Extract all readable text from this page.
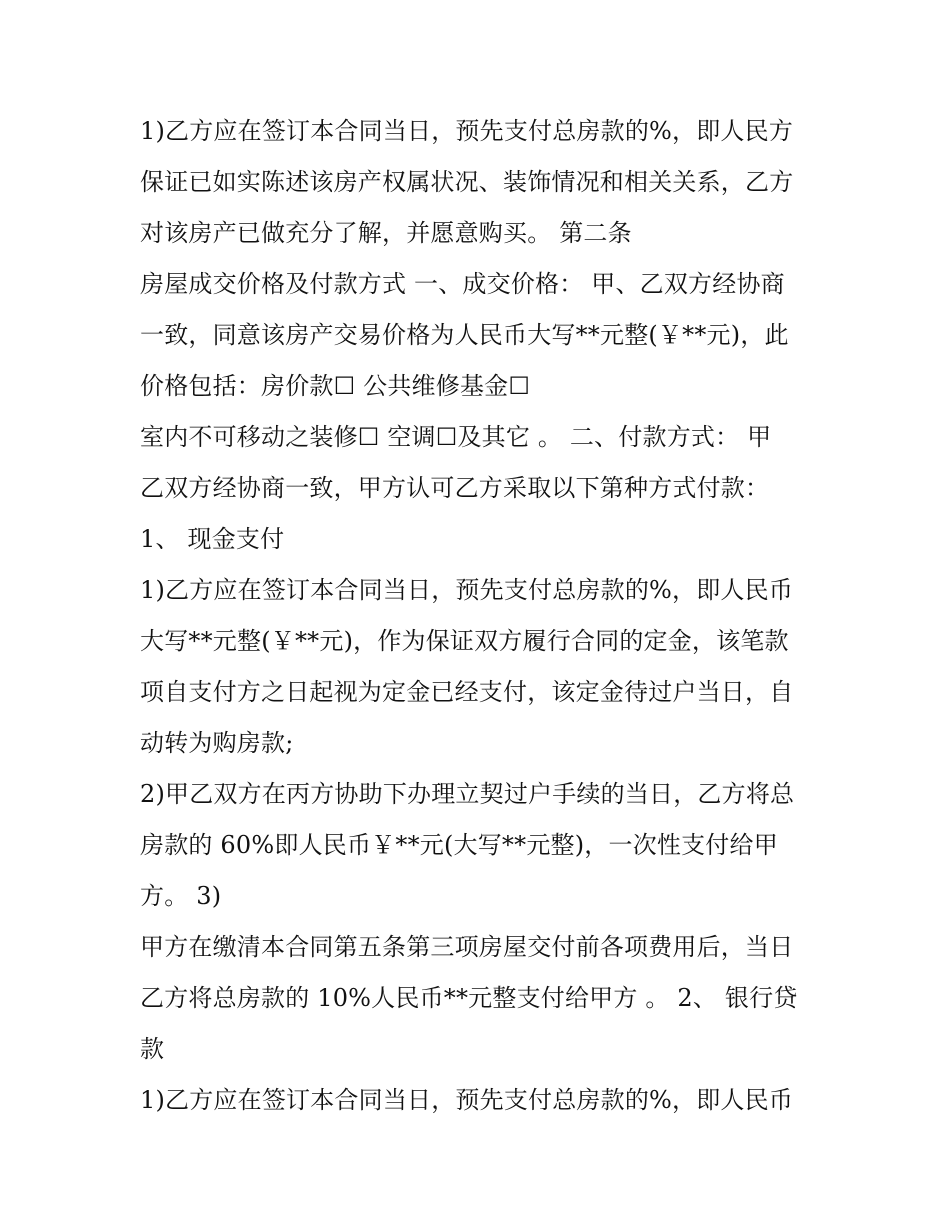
1)乙方应在签订本合同当日，预先支付总房款的%，即人民方
保证已如实陈述该房产权属状况、装饰情况和相关关系，乙方
对该房产已做充分了解，并愿意购买。 第二条
房屋成交价格及付款方式 一、成交价格： 甲、乙双方经协商
一致，同意该房产交易价格为人民币大写**元整(￥**元)，此
价格包括：房价款☐ 公共维修基金☐
室内不可移动之装修☐ 空调☐及其它 。 二、付款方式： 甲
乙双方经协商一致，甲方认可乙方采取以下第种方式付款：
1、 现金支付
1)乙方应在签订本合同当日，预先支付总房款的%，即人民币
大写**元整(￥**元)，作为保证双方履行合同的定金，该笔款
项自支付方之日起视为定金已经支付，该定金待过户当日，自
动转为购房款;
2)甲乙双方在丙方协助下办理立契过户手续的当日，乙方将总
房款的 60%即人民币￥**元(大写**元整)，一次性支付给甲
方。 3)
甲方在缴清本合同第五条第三项房屋交付前各项费用后，当日
乙方将总房款的 10%人民币**元整支付给甲方 。 2、 银行贷
款
1)乙方应在签订本合同当日，预先支付总房款的%，即人民币
